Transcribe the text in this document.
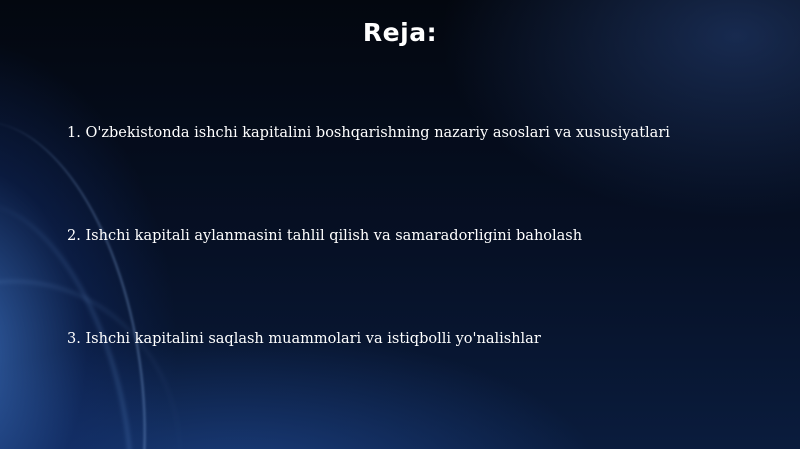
Reja:
1. O'zbekistonda ishchi kapitalini boshqarishning nazariy asoslari va xususiyatlari
2. Ishchi kapitali aylanmasini tahlil qilish va samaradorligini baholash
3. Ishchi kapitalini saqlash muammolari va istiqbolli yo'nalishlar
